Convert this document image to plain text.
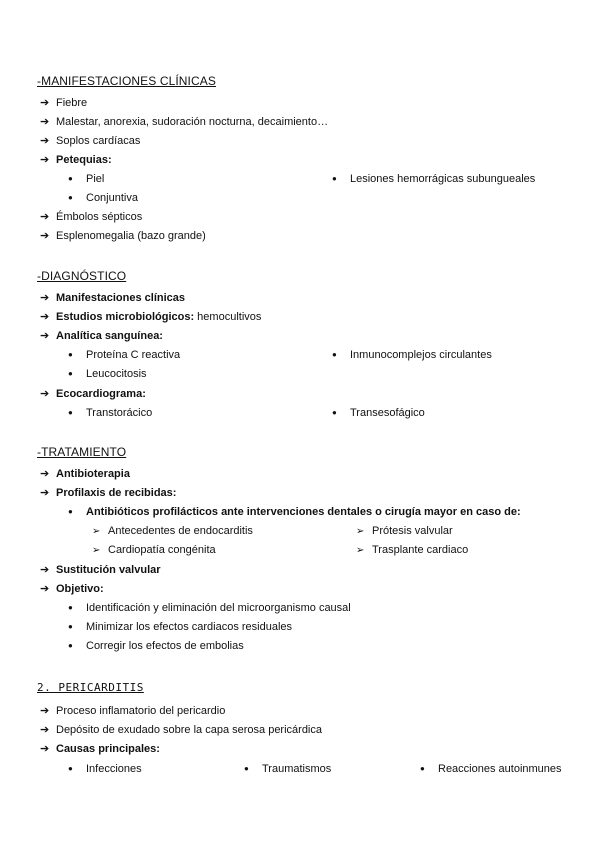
-MANIFESTACIONES CLÍNICAS
➔ Fiebre
➔ Malestar, anorexia, sudoración nocturna, decaimiento…
➔ Soplos cardíacas
➔ Petequias:
● Piel
● Conjuntiva
● Lesiones hemorrágicas subungueales
➔ Émbolos sépticos
➔ Esplenomegalia (bazo grande)
-DIAGNÓSTICO
➔ Manifestaciones clínicas
➔ Estudios microbiológicos: hemocultivos
➔ Analítica sanguínea:
● Proteína C reactiva
● Leucocitosis
● Inmunocomplejos circulantes
➔ Ecocardiograma:
● Transtorácico	● Transesofágico
-TRATAMIENTO
➔ Antibioterapia
➔ Profilaxis de recibidas:
● Antibióticos profilácticos ante intervenciones dentales o cirugía mayor en caso de:
➢ Antecedentes de endocarditis
➢ Cardiopatía congénita
➢ Prótesis valvular
➢ Trasplante cardiaco
➔ Sustitución valvular
➔ Objetivo:
● Identificación y eliminación del microorganismo causal
● Minimizar los efectos cardiacos residuales
● Corregir los efectos de embolias
2. PERICARDITIS
➔ Proceso inflamatorio del pericardio
➔ Depósito de exudado sobre la capa serosa pericárdica
➔ Causas principales:
● Infecciones	● Traumatismos	● Reacciones autoinmunes
